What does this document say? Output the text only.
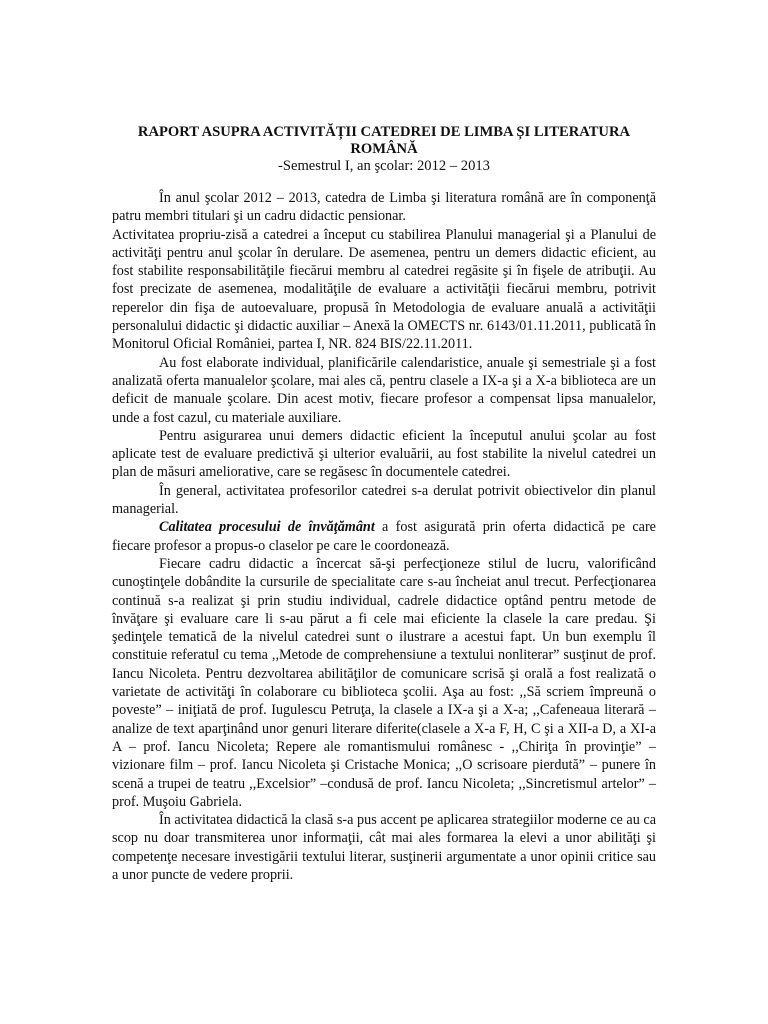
RAPORT ASUPRA ACTIVITĂȚII CATEDREI DE LIMBA ȘI LITERATURA
ROMÂNĂ

-Semestrul I, an şcolar: 2012 – 2013

În anul şcolar 2012 – 2013, catedra de Limba şi literatura română are în componenţă patru membri titulari şi un cadru didactic pensionar.

Activitatea propriu-zisă a catedrei a început cu stabilirea Planului managerial şi a Planului de activităţi pentru anul şcolar în derulare. De asemenea, pentru un demers didactic eficient, au fost stabilite responsabilităţile fiecărui membru al catedrei regăsite şi în fişele de atribuţii. Au fost precizate de asemenea, modalităţile de evaluare a activităţii fiecărui membru, potrivit reperelor din fişa de autoevaluare, propusă în Metodologia de evaluare anuală a activităţii personalului didactic şi didactic auxiliar – Anexă la OMECTS nr. 6143/01.11.2011, publicată în Monitorul Oficial României, partea I, NR. 824 BIS/22.11.2011.

Au fost elaborate individual, planificările calendaristice, anuale şi semestriale şi a fost analizată oferta manualelor şcolare, mai ales că, pentru clasele a IX-a şi a X-a biblioteca are un deficit de manuale şcolare. Din acest motiv, fiecare profesor a compensat lipsa manualelor, unde a fost cazul, cu materiale auxiliare.

Pentru asigurarea unui demers didactic eficient la începutul anului şcolar au fost aplicate test de evaluare predictivă şi ulterior evaluării, au fost stabilite la nivelul catedrei un plan de măsuri ameliorative, care se regăsesc în documentele catedrei.

În general, activitatea profesorilor catedrei s-a derulat potrivit obiectivelor din planul managerial.

Calitatea procesului de învăţământ a fost asigurată prin oferta didactică pe care fiecare profesor a propus-o claselor pe care le coordonează.

Fiecare cadru didactic a încercat să-şi perfecţioneze stilul de lucru, valorificând cunoştinţele dobândite la cursurile de specialitate care s-au încheiat anul trecut. Perfecţionarea continuă s-a realizat şi prin studiu individual, cadrele didactice optând pentru metode de învăţare şi evaluare care li s-au părut a fi cele mai eficiente la clasele la care predau. Şi şedinţele tematică de la nivelul catedrei sunt o ilustrare a acestui fapt. Un bun exemplu îl constituie referatul cu tema ,,Metode de comprehensiune a textului nonliterar” susţinut de prof. Iancu Nicoleta. Pentru dezvoltarea abilităţilor de comunicare scrisă şi orală a fost realizată o varietate de activităţi în colaborare cu biblioteca şcolii. Aşa au fost: ,,Să scriem împreună o poveste” – iniţiată de prof. Iugulescu Petruţa, la clasele a IX-a şi a X-a; ,,Cafeneaua literară – analize de text aparţinând unor genuri literare diferite(clasele a X-a F, H, C şi a XII-a D, a XI-a A – prof. Iancu Nicoleta; Repere ale romantismului românesc - ,,Chiriţa în provinţie” – vizionare film – prof. Iancu Nicoleta şi Cristache Monica; ,,O scrisoare pierdută” – punere în scenă a trupei de teatru ,,Excelsior” –condusă de prof. Iancu Nicoleta; ,,Sincretismul artelor” – prof. Muşoiu Gabriela.

În activitatea didactică la clasă s-a pus accent pe aplicarea strategiilor moderne ce au ca scop nu doar transmiterea unor informaţii, cât mai ales formarea la elevi a unor abilităţi şi competenţe necesare investigării textului literar, susţinerii argumentate a unor opinii critice sau a unor puncte de vedere proprii.
